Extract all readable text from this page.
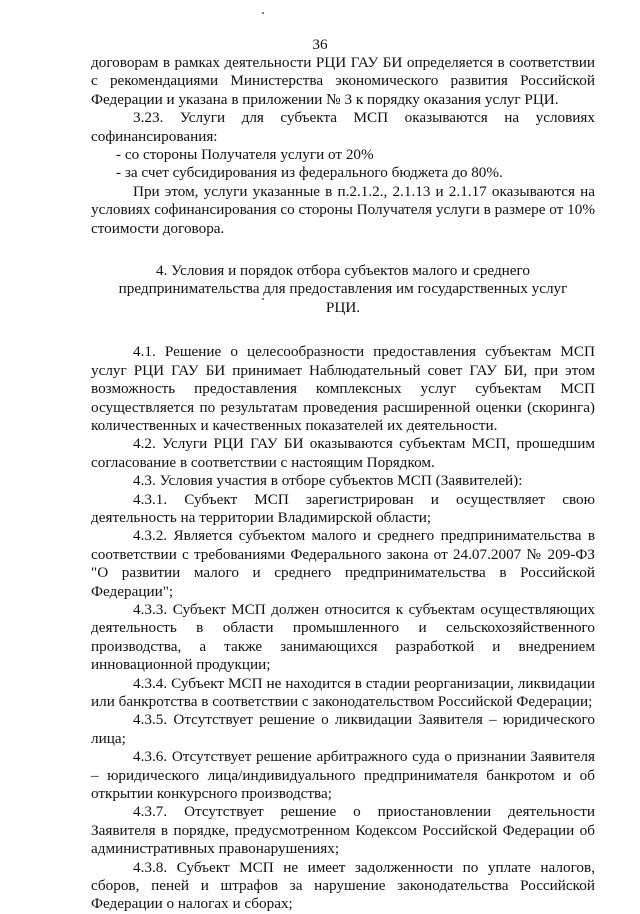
36

договорам в рамках деятельности РЦИ ГАУ БИ определяется в соответствии с рекомендациями Министерства экономического развития Российской Федерации и указана в приложении № 3 к порядку оказания услуг РЦИ.

3.23. Услуги для субъекта МСП оказываются на условиях софинансирования:

- со стороны Получателя услуги от 20%

- за счет субсидирования из федерального бюджета до 80%.

При этом, услуги указанные в п.2.1.2., 2.1.13 и 2.1.17 оказываются на условиях софинансирования со стороны Получателя услуги в размере от 10% стоимости договора.

4. Условия и порядок отбора субъектов малого и среднего
предпринимательства для предоставления им государственных услуг
РЦИ.

4.1. Решение о целесообразности предоставления субъектам МСП услуг РЦИ ГАУ БИ принимает Наблюдательный совет ГАУ БИ, при этом возможность предоставления комплексных услуг субъектам МСП осуществляется по результатам проведения расширенной оценки (скоринга) количественных и качественных показателей их деятельности.

4.2. Услуги РЦИ ГАУ БИ оказываются субъектам МСП, прошедшим согласование в соответствии с настоящим Порядком.

4.3. Условия участия в отборе субъектов МСП (Заявителей):

4.3.1. Субъект МСП зарегистрирован и осуществляет свою деятельность на территории Владимирской области;

4.3.2. Является субъектом малого и среднего предпринимательства в соответствии с требованиями Федерального закона от 24.07.2007 № 209-ФЗ "О развитии малого и среднего предпринимательства в Российской Федерации";

4.3.3. Субъект МСП должен относится к субъектам осуществляющих деятельность в области промышленного и сельскохозяйственного производства, а также занимающихся разработкой и внедрением инновационной продукции;

4.3.4. Субъект МСП не находится в стадии реорганизации, ликвидации или банкротства в соответствии с законодательством Российской Федерации;

4.3.5. Отсутствует решение о ликвидации Заявителя – юридического лица;

4.3.6. Отсутствует решение арбитражного суда о признании Заявителя – юридического лица/индивидуального предпринимателя банкротом и об открытии конкурсного производства;

4.3.7. Отсутствует решение о приостановлении деятельности Заявителя в порядке, предусмотренном Кодексом Российской Федерации об административных правонарушениях;

4.3.8. Субъект МСП не имеет задолженности по уплате налогов, сборов, пеней и штрафов за нарушение законодательства Российской Федерации о налогах и сборах;
